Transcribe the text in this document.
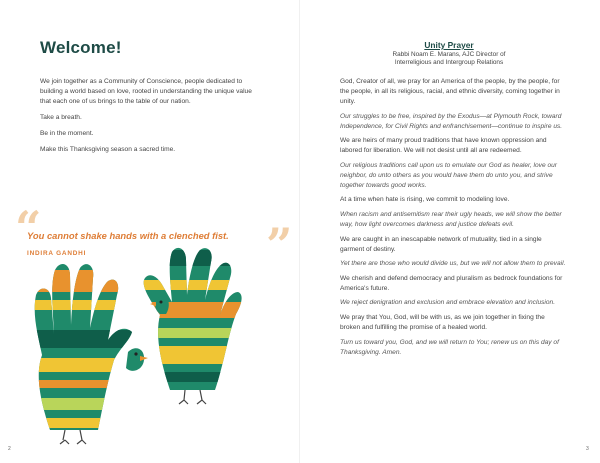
Welcome!

We join together as a Community of Conscience, people dedicated to building a world based on love, rooted in understanding the unique value that each one of us brings to the table of our nation.

Take a breath.

Be in the moment.

Make this Thanksgiving season a sacred time.

“	”

You cannot shake hands with a clenched fist.

INDIRA GANDHI

2

Unity Prayer

Rabbi Noam E. Marans, AJC Director of
Interreligious and Intergroup Relations

God, Creator of all, we pray for an America of the people, by the people, for the people, in all its religious, racial, and ethnic diversity, coming together in unity.

Our struggles to be free, inspired by the Exodus—at Plymouth Rock, toward Independence, for Civil Rights and enfranchisement—continue to inspire us.

We are heirs of many proud traditions that have known oppression and labored for liberation. We will not desist until all are redeemed.

Our religious traditions call upon us to emulate our God as healer, love our neighbor, do unto others as you would have them do unto you, and strive together towards good works.

At a time when hate is rising, we commit to modeling love.

When racism and antisemitism rear their ugly heads, we will show the better way, how light overcomes darkness and justice defeats evil.

We are caught in an inescapable network of mutuality, tied in a single garment of destiny.

Yet there are those who would divide us, but we will not allow them to prevail.

We cherish and defend democracy and pluralism as bedrock foundations for America's future.

We reject denigration and exclusion and embrace elevation and inclusion.

We pray that You, God, will be with us, as we join together in fixing the broken and fulfilling the promise of a healed world.

Turn us toward you, God, and we will return to You; renew us on this day of Thanksgiving. Amen.

3
